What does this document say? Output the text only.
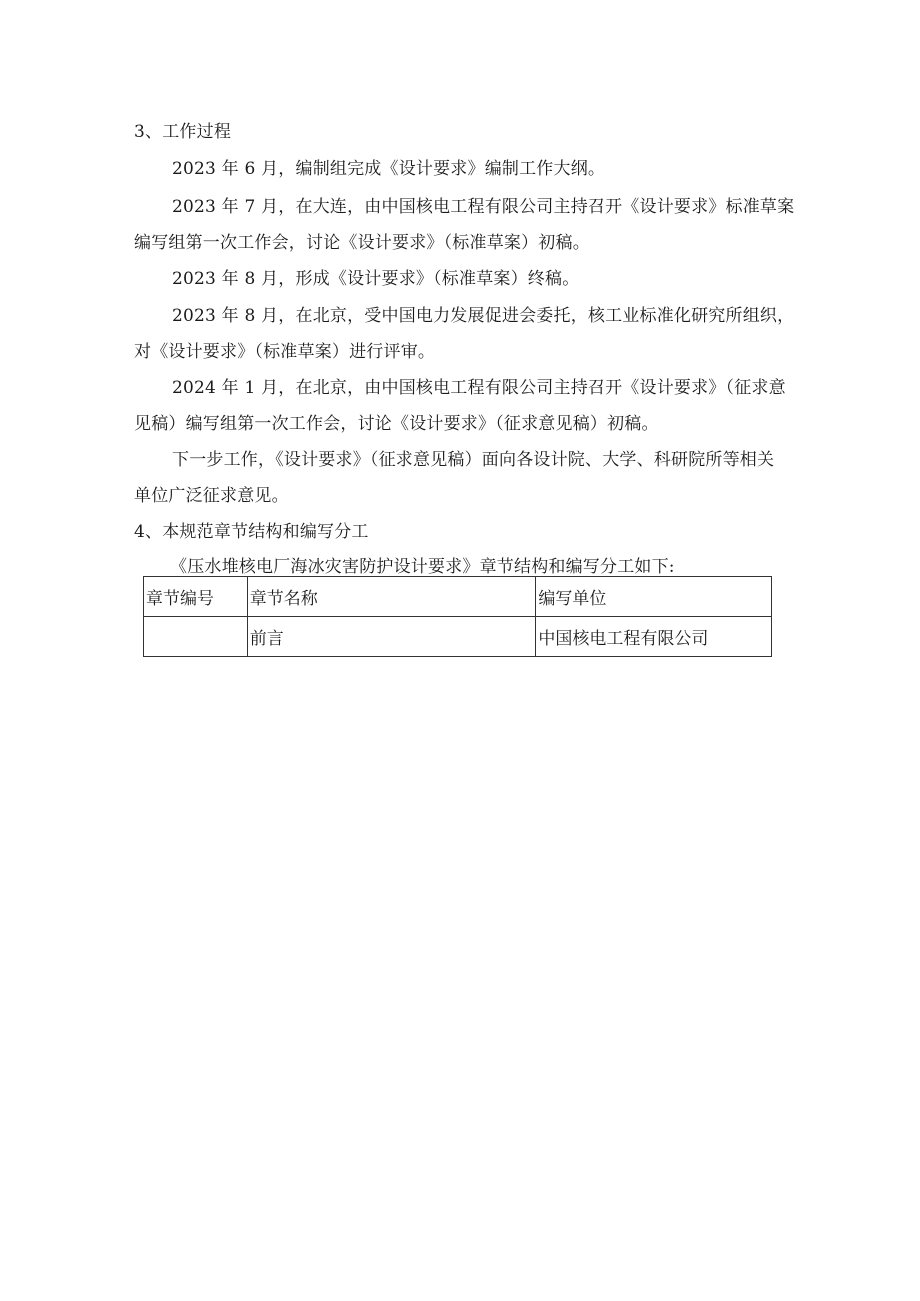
3、工作过程
2023 年 6 月，编制组完成《设计要求》编制工作大纲。
2023 年 7 月，在大连，由中国核电工程有限公司主持召开《设计要求》标准草案
编写组第一次工作会，讨论《设计要求》（标准草案）初稿。
2023 年 8 月，形成《设计要求》（标准草案）终稿。
2023 年 8 月，在北京，受中国电力发展促进会委托，核工业标准化研究所组织，
对《设计要求》（标准草案）进行评审。
2024 年 1 月，在北京，由中国核电工程有限公司主持召开《设计要求》（征求意
见稿）编写组第一次工作会，讨论《设计要求》（征求意见稿）初稿。
下一步工作，《设计要求》（征求意见稿）面向各设计院、大学、科研院所等相关
单位广泛征求意见。
4、本规范章节结构和编写分工
《压水堆核电厂海冰灾害防护设计要求》章节结构和编写分工如下:
章节编号	章节名称	编写单位
	前言	中国核电工程有限公司
